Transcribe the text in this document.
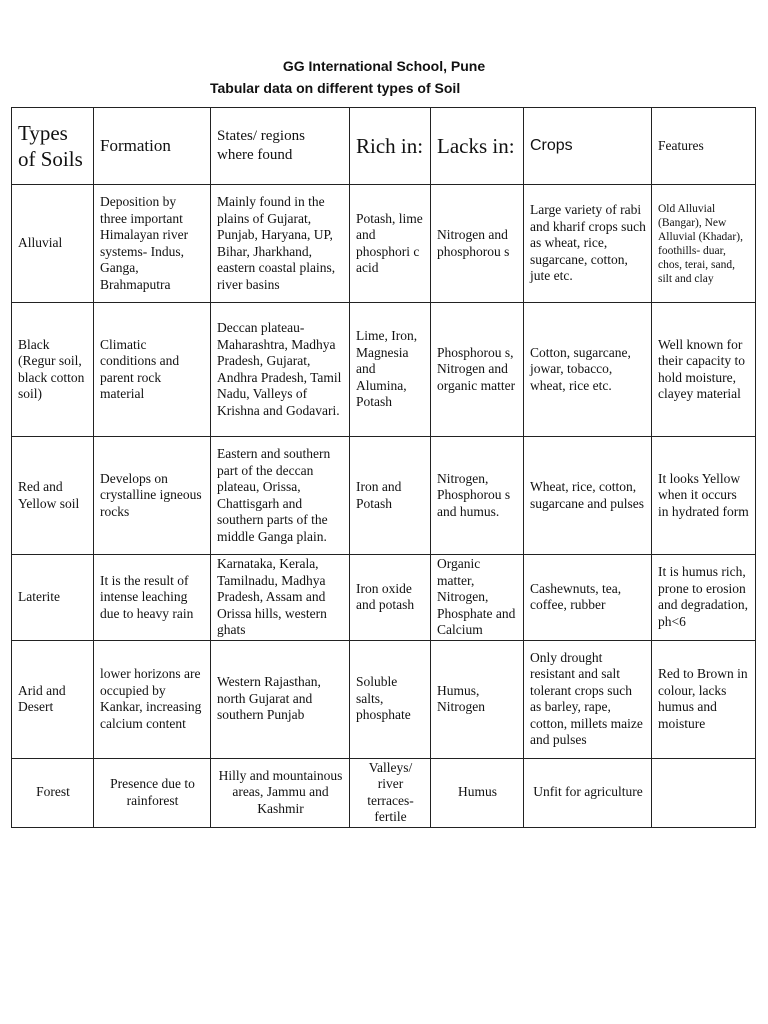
GG International School, Pune
Tabular data on different types of Soil
Types of Soils	Formation	States/ regions where found	Rich in:	Lacks in:	Crops	Features
Alluvial	Deposition by three important Himalayan river systems- Indus, Ganga, Brahmaputra	Mainly found in the plains of Gujarat, Punjab, Haryana, UP, Bihar, Jharkhand, eastern coastal plains, river basins	Potash, lime and phosphori c acid	Nitrogen and phosphorou s	Large variety of rabi and kharif crops such as wheat, rice, sugarcane, cotton, jute etc.	Old Alluvial (Bangar), New Alluvial (Khadar), foothills- duar, chos, terai, sand, silt and clay
Black (Regur soil, black cotton soil)	Climatic conditions and parent rock material	Deccan plateau- Maharashtra, Madhya Pradesh, Gujarat, Andhra Pradesh, Tamil Nadu, Valleys of Krishna and Godavari.	Lime, Iron, Magnesia and Alumina, Potash	Phosphorou s, Nitrogen and organic matter	Cotton, sugarcane, jowar, tobacco, wheat, rice etc.	Well known for their capacity to hold moisture, clayey material
Red and Yellow soil	Develops on crystalline igneous rocks	Eastern and southern part of the deccan plateau, Orissa, Chattisgarh and southern parts of the middle Ganga plain.	Iron and Potash	Nitrogen, Phosphorou s and humus.	Wheat, rice, cotton, sugarcane and pulses	It looks Yellow when it occurs in hydrated form
Laterite	It is the result of intense leaching due to heavy rain	Karnataka, Kerala, Tamilnadu, Madhya Pradesh, Assam and Orissa hills, western ghats	Iron oxide and potash	Organic matter, Nitrogen, Phosphate and Calcium	Cashewnuts, tea, coffee, rubber	It is humus rich, prone to erosion and degradation, ph<6
Arid and Desert	lower horizons are occupied by Kankar, increasing calcium content	Western Rajasthan, north Gujarat and southern Punjab	Soluble salts, phosphate	Humus, Nitrogen	Only drought resistant and salt tolerant crops such as barley, rape, cotton, millets maize and pulses	Red to Brown in colour, lacks humus and moisture
Forest	Presence due to rainforest	Hilly and mountainous areas, Jammu and Kashmir	Valleys/ river terraces- fertile	Humus	Unfit for agriculture	
